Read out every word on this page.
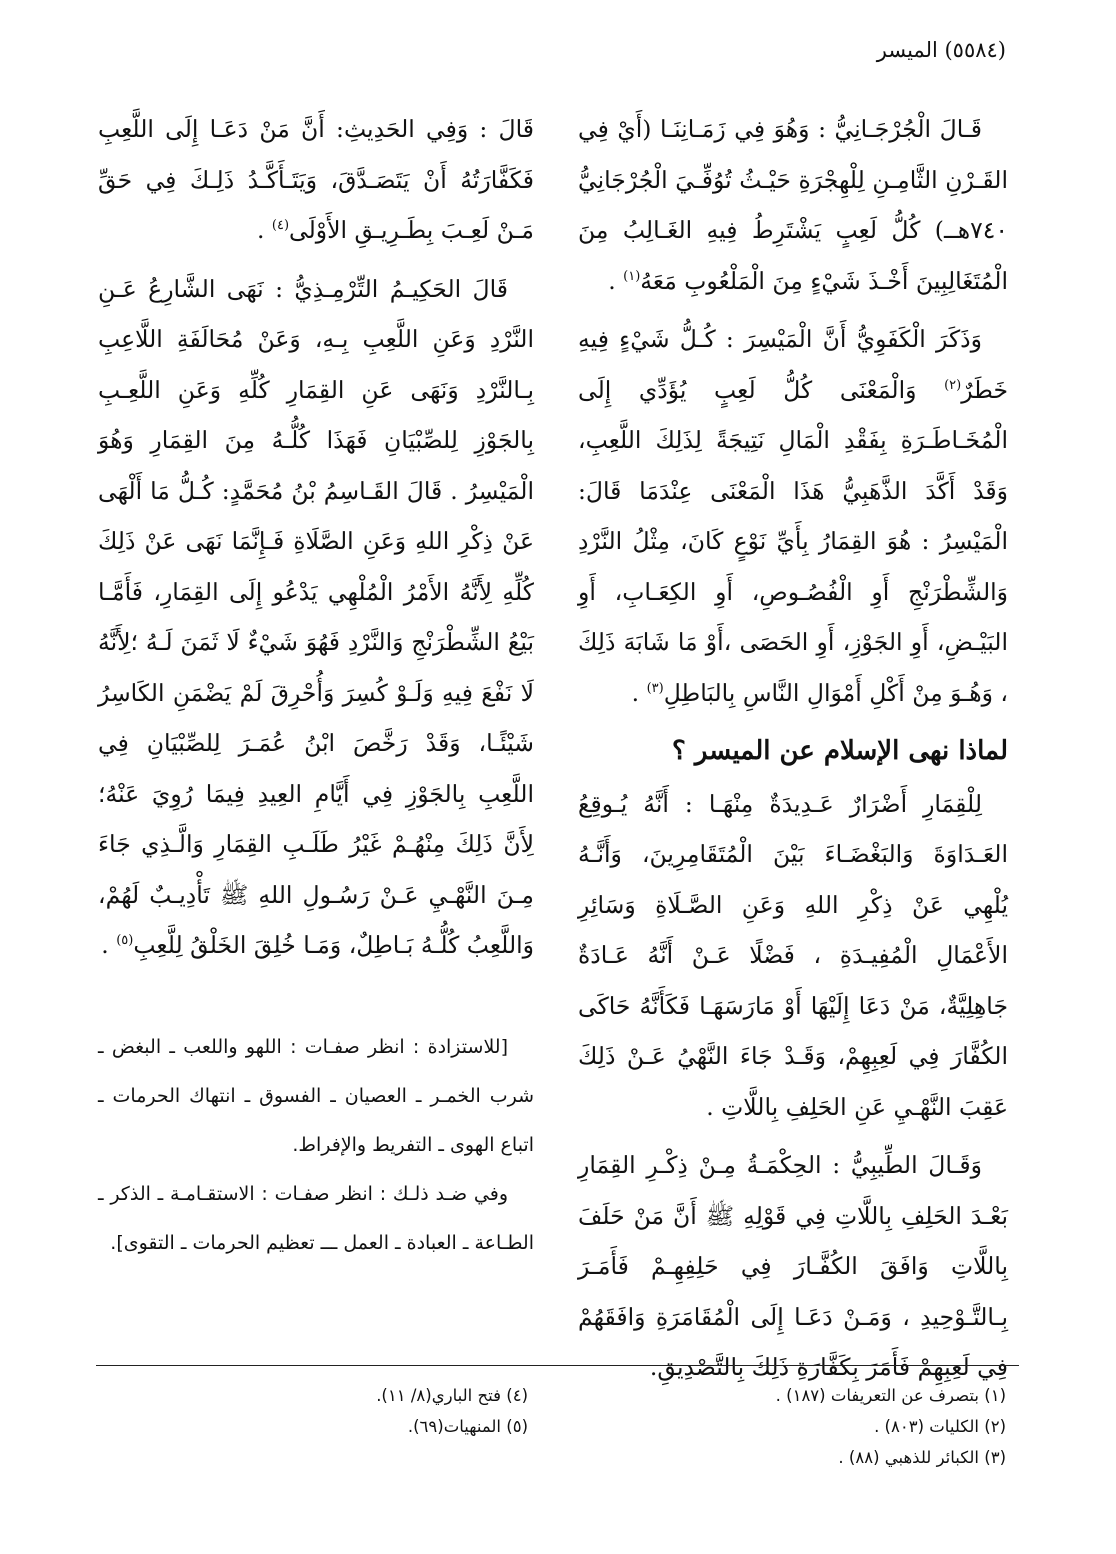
(٥٥٨٤) الميسر

قَـالَ الْجُرْجَـانِيُّ : وَهُوَ فِي زَمَـانِنَـا (أَيْ فِي القَـرْنِ الثَّامِـنِ لِلْهِجْرَةِ حَيْـثُ تُوُفِّـيَ الْجُرْجَانِيُّ ٧٤٠هــ) كُلُّ لَعِبٍ يَشْتَرِطُ فِيهِ الغَـالِبُ مِنَ الْمُتَغَالِبِينَ أَخْـذَ شَيْءٍ مِنَ الْمَلْعُوبِ مَعَهُ$^{(١)}$ .

وَذَكَرَ الْكَفَوِيُّ أَنَّ الْمَيْسِرَ : كُـلُّ شَيْءٍ فِيهِ خَطَرٌ$^{(٢)}$ وَالْمَعْنَى كُلُّ لَعِبٍ يُؤَدِّي إِلَى الْمُخَـاطَـرَةِ بِفَقْدِ الْمَالِ نَتِيجَةً لِذَلِكَ اللَّعِبِ، وَقَدْ أَكَّدَ الذَّهَبِيُّ هَذَا الْمَعْنَى عِنْدَمَا قَالَ: الْمَيْسِرُ : هُوَ القِمَارُ بِأَيِّ نَوْعٍ كَانَ، مِثْلُ النَّرْدِ وَالشِّطْرَنْجِ أَوِ الْفُصُـوصِ، أَوِ الكِعَـابِ، أَوِ البَيْـضِ، أَوِ الجَوْزِ، أَوِ الحَصَى ،أَوْ مَا شَابَهَ ذَلِكَ ، وَهُـوَ مِنْ أَكْلِ أَمْوَالِ النَّاسِ بِالبَاطِلِ$^{(٣)}$ .

لماذا نهى الإسلام عن الميسر ؟

لِلْقِمَارِ أَضْرَارٌ عَـدِيدَةٌ مِنْهَـا : أَنَّهُ يُـوقِعُ العَـدَاوَةَ وَالبَغْضَـاءَ بَيْنَ الْمُتَقَامِرِينَ، وَأَنَّـهُ يُلْهِي عَنْ ذِكْرِ اللهِ وَعَنِ الصَّـلَاةِ وَسَائِرِ الأَعْمَالِ الْمُفِيـدَةِ ، فَضْلًا عَـنْ أَنَّهُ عَـادَةٌ جَاهِلِيَّةٌ، مَنْ دَعَا إِلَيْهَا أَوْ مَارَسَهَـا فَكَأَنَّهُ حَاكَى الكُفَّارَ فِي لَعِبِهِمْ، وَقَـدْ جَاءَ النَّهْيُ عَـنْ ذَلِكَ عَقِبَ النَّهْـيِ عَنِ الحَلِفِ بِاللَّاتِ .

وَقَـالَ الطِّيبِيُّ : الحِكْمَـةُ مِـنْ ذِكْـرِ القِمَارِ بَعْـدَ الحَلِفِ بِاللَّاتِ فِي قَوْلِهِ ﷺ أَنَّ مَنْ حَلَفَ بِاللَّاتِ وَافَقَ الكُفَّـارَ فِي حَلِفِهِـمْ فَأَمَـرَ بِـالتَّـوْحِيدِ ، وَمَـنْ دَعَـا إِلَى الْمُقَامَرَةِ وَافَقَهُمْ فِي لَعِبِهِمْ فَأَمَرَ بِكَفَّارَةِ ذَلِكَ بِالتَّصْدِيقِ.

قَالَ : وَفِي الحَدِيثِ: أَنَّ مَنْ دَعَـا إِلَى اللَّعِبِ فَكَفَّارَتُهُ أَنْ يَتَصَـدَّقَ، وَيَتَـأَكَّـدُ ذَلِـكَ فِي حَقِّ مَـنْ لَعِـبَ بِطَـرِيـقِ الأَوْلَى$^{(٤)}$ .

قَالَ الحَكِيـمُ التِّرْمِـذِيُّ : نَهَى الشَّارِعُ عَـنِ النَّرْدِ وَعَنِ اللَّعِبِ بِـهِ، وَعَنْ مُحَالَفَةِ اللَّاعِبِ بِـالنَّرْدِ وَنَهَى عَنِ القِمَارِ كُلِّهِ وَعَنِ اللَّعِـبِ بِالجَوْزِ لِلصِّبْيَانِ فَهَذَا كُلُّـهُ مِنَ القِمَارِ وَهُوَ الْمَيْسِرُ . قَالَ القَـاسِمُ بْنُ مُحَمَّدٍ: كُـلُّ مَا أَلْهَى عَنْ ذِكْرِ اللهِ وَعَنِ الصَّلَاةِ فَـإِنَّمَا نَهَى عَنْ ذَلِكَ كُلِّهِ لِأَنَّهُ الأَمْرُ الْمُلْهِي يَدْعُو إِلَى القِمَارِ، فَأَمَّـا بَيْعُ الشِّطْرَنْجِ وَالنَّرْدِ فَهُوَ شَيْءٌ لَا ثَمَنَ لَـهُ ؛لِأَنَّهُ لَا نَفْعَ فِيهِ وَلَـوْ كُسِرَ وَأُحْرِقَ لَمْ يَضْمَنِ الكَاسِرُ شَيْئًـا، وَقَدْ رَخَّصَ ابْنُ عُمَـرَ لِلصِّبْيَانِ فِي اللَّعِبِ بِالجَوْزِ فِي أَيَّامِ العِيدِ فِيمَا رُوِيَ عَنْهُ؛ لِأَنَّ ذَلِكَ مِنْهُـمْ غَيْرُ طَلَـبِ القِمَارِ وَالَّـذِي جَاءَ مِـنَ النَّهْـيِ عَـنْ رَسُـولِ اللهِ ﷺ تَأْدِيـبٌ لَهُمْ، وَاللَّعِبُ كُلُّـهُ بَـاطِلٌ، وَمَـا خُلِقَ الخَلْقُ لِلَّعِبِ$^{(٥)}$ .

[للاستزادة : انظر صفـات : اللهو واللعب ـ البغض ـ شرب الخمـر ـ العصيان ـ الفسوق ـ انتهاك الحرمات ـ اتباع الهوى ـ التفريط والإفراط.

وفي ضـد ذلـك : انظر صفـات : الاستقـامـة ـ الذكر ـ الطـاعة ـ العبادة ـ العمل ـــ تعظيم الحرمات ـ التقوى].

(١) بتصرف عن التعريفات (١٨٧) .
(٢) الكليات (٨٠٣) .
(٣) الكبائر للذهبي (٨٨) .
(٤) فتح الباري(٨/ ١١).
(٥) المنهيات(٦٩).
